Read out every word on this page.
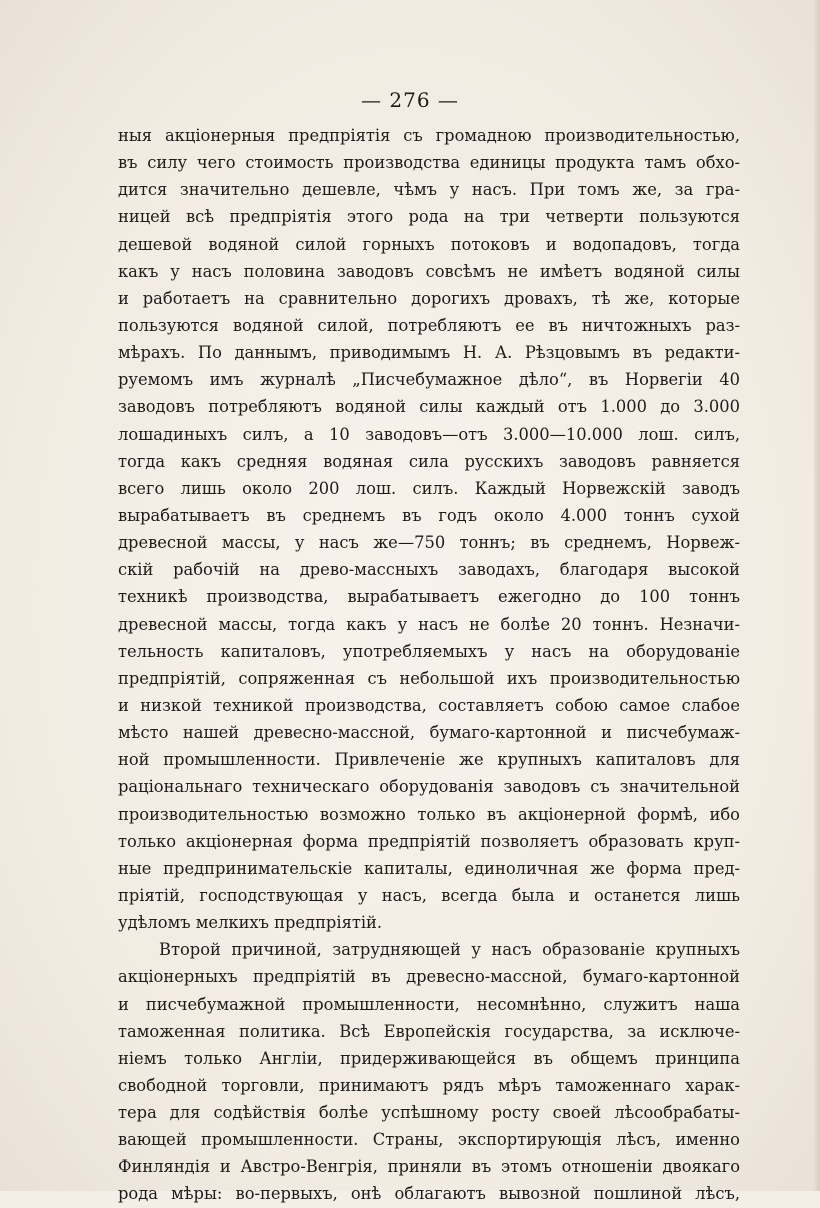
— 276 —
ныя акціонерныя предпріятія съ громадною производительностью,
въ силу чего стоимость производства единицы продукта тамъ обхо-
дится значительно дешевле, чѣмъ у насъ. При томъ же, за гра-
ницей всѣ предпріятія этого рода на три четверти пользуются
дешевой водяной силой горныхъ потоковъ и водопадовъ, тогда
какъ у насъ половина заводовъ совсѣмъ не имѣетъ водяной силы
и работаетъ на сравнительно дорогихъ дровахъ, тѣ же, которые
пользуются водяной силой, потребляютъ ее въ ничтожныхъ раз-
мѣрахъ. По даннымъ, приводимымъ Н. А. Рѣзцовымъ въ редакти-
руемомъ имъ журналѣ „Писчебумажное дѣло“, въ Норвегіи 40
заводовъ потребляютъ водяной силы каждый отъ 1.000 до 3.000
лошадиныхъ силъ, а 10 заводовъ—отъ 3.000—10.000 лош. силъ,
тогда какъ средняя водяная сила русскихъ заводовъ равняется
всего лишь около 200 лош. силъ. Каждый Норвежскій заводъ
вырабатываетъ въ среднемъ въ годъ около 4.000 тоннъ сухой
древесной массы, у насъ же—750 тоннъ; въ среднемъ, Норвеж-
скій рабочій на древо-массныхъ заводахъ, благодаря высокой
техникѣ производства, вырабатываетъ ежегодно до 100 тоннъ
древесной массы, тогда какъ у насъ не болѣе 20 тоннъ. Незначи-
тельность капиталовъ, употребляемыхъ у насъ на оборудованіе
предпріятій, сопряженная съ небольшой ихъ производительностью
и низкой техникой производства, составляетъ собою самое слабое
мѣсто нашей древесно-массной, бумаго-картонной и писчебумаж-
ной промышленности. Привлеченіе же крупныхъ капиталовъ для
раціональнаго техническаго оборудованія заводовъ съ значительной
производительностью возможно только въ акціонерной формѣ, ибо
только акціонерная форма предпріятій позволяетъ образовать круп-
ные предпринимательскіе капиталы, единоличная же форма пред-
пріятій, господствующая у насъ, всегда была и останется лишь
удѣломъ мелкихъ предпріятій.
Второй причиной, затрудняющей у насъ образованіе крупныхъ
акціонерныхъ предпріятій въ древесно-массной, бумаго-картонной
и писчебумажной промышленности, несомнѣнно, служитъ наша
таможенная политика. Всѣ Европейскія государства, за исключе-
ніемъ только Англіи, придерживающейся въ общемъ принципа
свободной торговли, принимаютъ рядъ мѣръ таможеннаго харак-
тера для содѣйствія болѣе успѣшному росту своей лѣсообрабаты-
вающей промышленности. Страны, экспортирующія лѣсъ, именно
Финляндія и Австро-Венгрія, приняли въ этомъ отношеніи двоякаго
рода мѣры: во-первыхъ, онѣ облагаютъ вывозной пошлиной лѣсъ,
